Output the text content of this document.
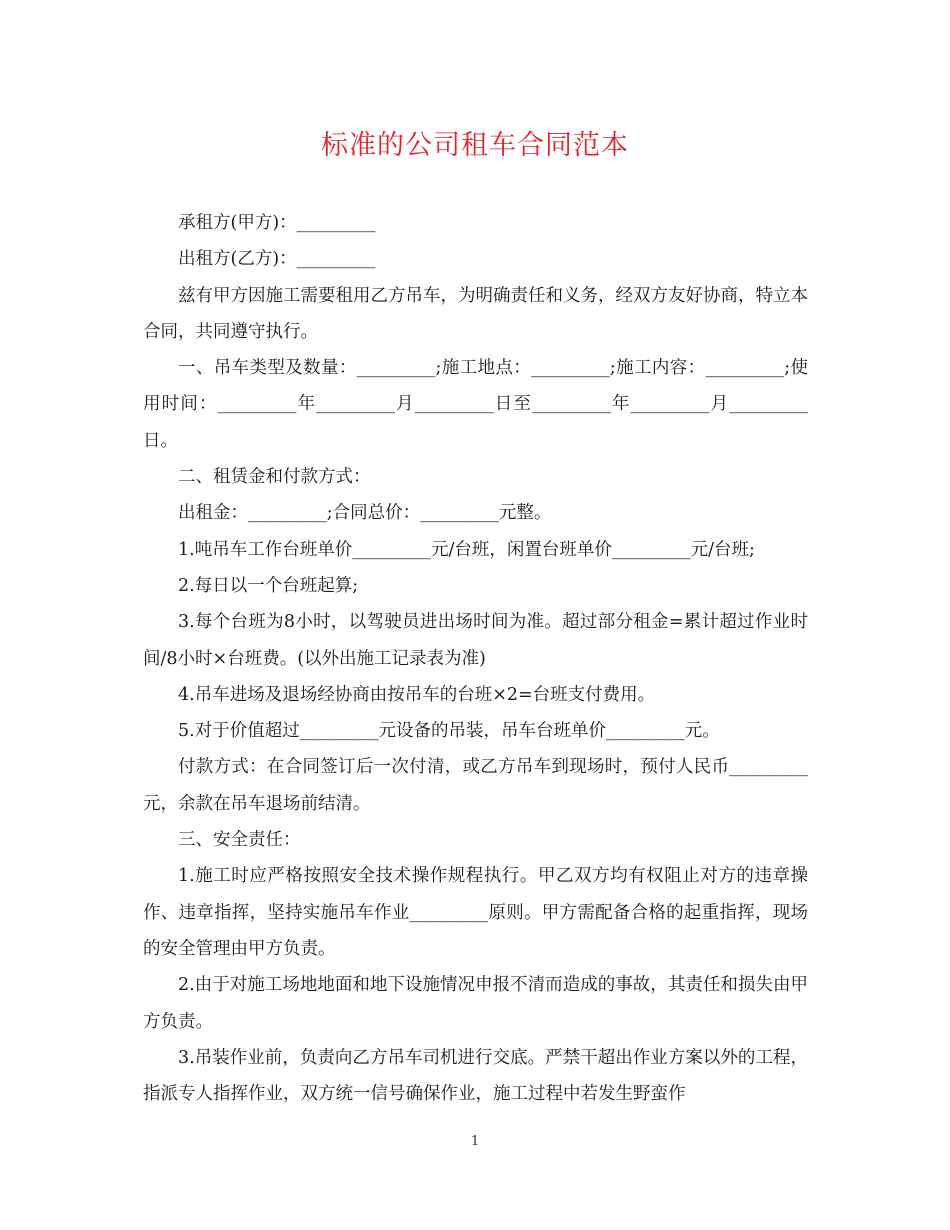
标准的公司租车合同范本

承租方(甲方)：_________

出租方(乙方)：_________

兹有甲方因施工需要租用乙方吊车，为明确责任和义务，经双方友好协商，特立本合同，共同遵守执行。

一、吊车类型及数量：_________;施工地点：_________;施工内容：_________;使用时间：_________年_________月_________日至_________年_________月_________日。

二、租赁金和付款方式：

出租金：_________;合同总价：_________元整。

1.吨吊车工作台班单价_________元/台班，闲置台班单价_________元/台班;

2.每日以一个台班起算;

3.每个台班为8小时，以驾驶员进出场时间为准。超过部分租金=累计超过作业时间/8小时×台班费。(以外出施工记录表为准)

4.吊车进场及退场经协商由按吊车的台班×2=台班支付费用。

5.对于价值超过_________元设备的吊装，吊车台班单价_________元。

付款方式：在合同签订后一次付清，或乙方吊车到现场时，预付人民币_________元，余款在吊车退场前结清。

三、安全责任：

1.施工时应严格按照安全技术操作规程执行。甲乙双方均有权阻止对方的违章操作、违章指挥，坚持实施吊车作业_________原则。甲方需配备合格的起重指挥，现场的安全管理由甲方负责。

2.由于对施工场地地面和地下设施情况申报不清而造成的事故，其责任和损失由甲方负责。

3.吊装作业前，负责向乙方吊车司机进行交底。严禁干超出作业方案以外的工程，指派专人指挥作业，双方统一信号确保作业，施工过程中若发生野蛮作

1
